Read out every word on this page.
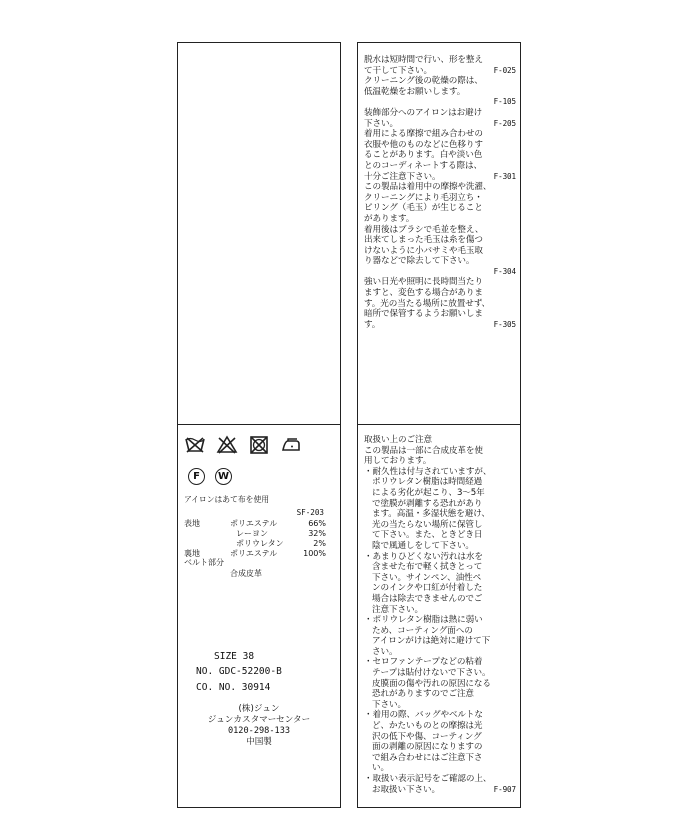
F	W
アイロンはあて布を使用
SF-203
表地	ポリエステル	66%
レーヨン	32%
ポリウレタン	2%
裏地	ポリエステル	100%
ベルト部分
合成皮革
SIZE 38
NO. GDC-52200-B
CO. NO. 30914
(株)ジュン
ジュンカスタマーセンター
0120-298-133
中国製
脱水は短時間で行い、形を整え
て干して下さい。	F-025
クリーニング後の乾燥の際は、
低温乾燥をお願いします。
F-105
装飾部分へのアイロンはお避け
下さい。	F-205
着用による摩擦で組み合わせの
衣服や他のものなどに色移りす
ることがあります。白や淡い色
とのコーディネートする際は、
十分ご注意下さい。	F-301
この製品は着用中の摩擦や洗濯、
クリーニングにより毛羽立ち・
ピリング（毛玉）が生じること
があります。
着用後はブラシで毛並を整え、
出来てしまった毛玉は糸を傷つ
けないように小バサミや毛玉取
り器などで除去して下さい。
F-304
強い日光や照明に長時間当たり
ますと、変色する場合がありま
す。光の当たる場所に放置せず、
暗所で保管するようお願いしま
す。	F-305
取扱い上のご注意
この製品は一部に合成皮革を使
用しております。
・耐久性は付与されていますが、
ポリウレタン樹脂は時間経過
による劣化が起こり、3～5年
で塗膜が剥離する恐れがあり
ます。高温・多湿状態を避け、
光の当たらない場所に保管し
て下さい。また、ときどき日
陰で風通しをして下さい。
・あまりひどくない汚れは水を
含ませた布で軽く拭きとって
下さい。サインペン、油性ペ
ンのインクや口紅が付着した
場合は除去できませんのでご
注意下さい。
・ポリウレタン樹脂は熱に弱い
ため、コーティング面への
アイロンがけは絶対に避けて下
さい。
・セロファンテープなどの粘着
テープは貼付けないで下さい。
皮膜面の傷や汚れの原因になる
恐れがありますのでご注意
下さい。
・着用の際、バッグやベルトな
ど、かたいものとの摩擦は光
沢の低下や傷、コーティング
面の剥離の原因になりますの
で組み合わせにはご注意下さ
い。
・取扱い表示記号をご確認の上、
お取扱い下さい。	F-907
